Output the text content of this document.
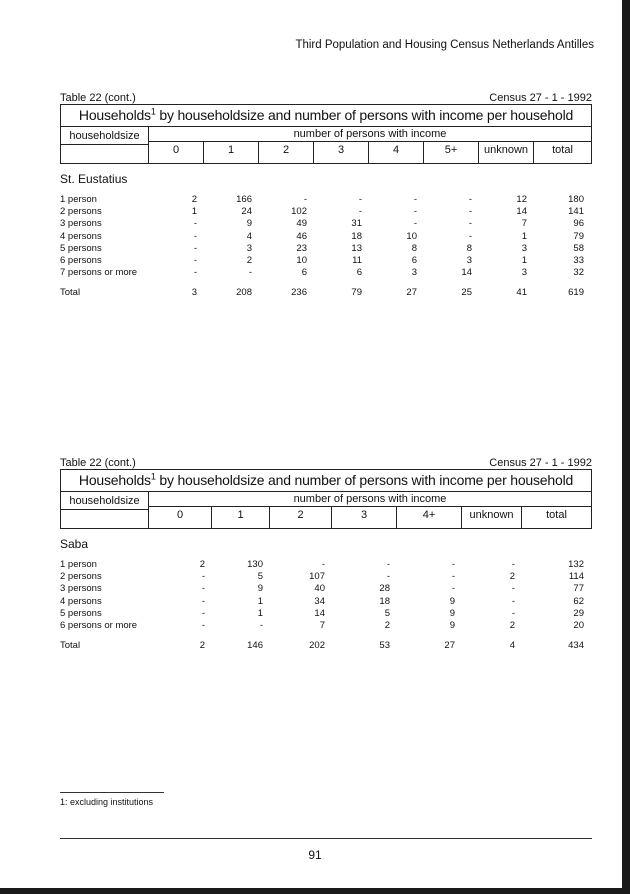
Third Population and Housing Census Netherlands Antilles
Table 22 (cont.)	Census 27 - 1 - 1992
Households$^1$ by householdsize and number of persons with income per household
householdsize	number of persons with income
0	1	2	3	4	5+	unknown	total
St. Eustatius
1 person	2	166	-	-	-	-	12	180
2 persons	1	24	102	-	-	-	14	141
3 persons	-	9	49	31	-	-	7	96
4 persons	-	4	46	18	10	-	1	79
5 persons	-	3	23	13	8	8	3	58
6 persons	-	2	10	11	6	3	1	33
7 persons or more	-	-	6	6	3	14	3	32
Total	3	208	236	79	27	25	41	619
Table 22 (cont.)	Census 27 - 1 - 1992
Households$^1$ by householdsize and number of persons with income per household
householdsize	number of persons with income
0	1	2	3	4+	unknown	total
Saba
1 person	2	130	-	-	-	-	132
2 persons	-	5	107	-	-	2	114
3 persons	-	9	40	28	-	-	77
4 persons	-	1	34	18	9	-	62
5 persons	-	1	14	5	9	-	29
6 persons or more	-	-	7	2	9	2	20
Total	2	146	202	53	27	4	434
1: excluding institutions
91
